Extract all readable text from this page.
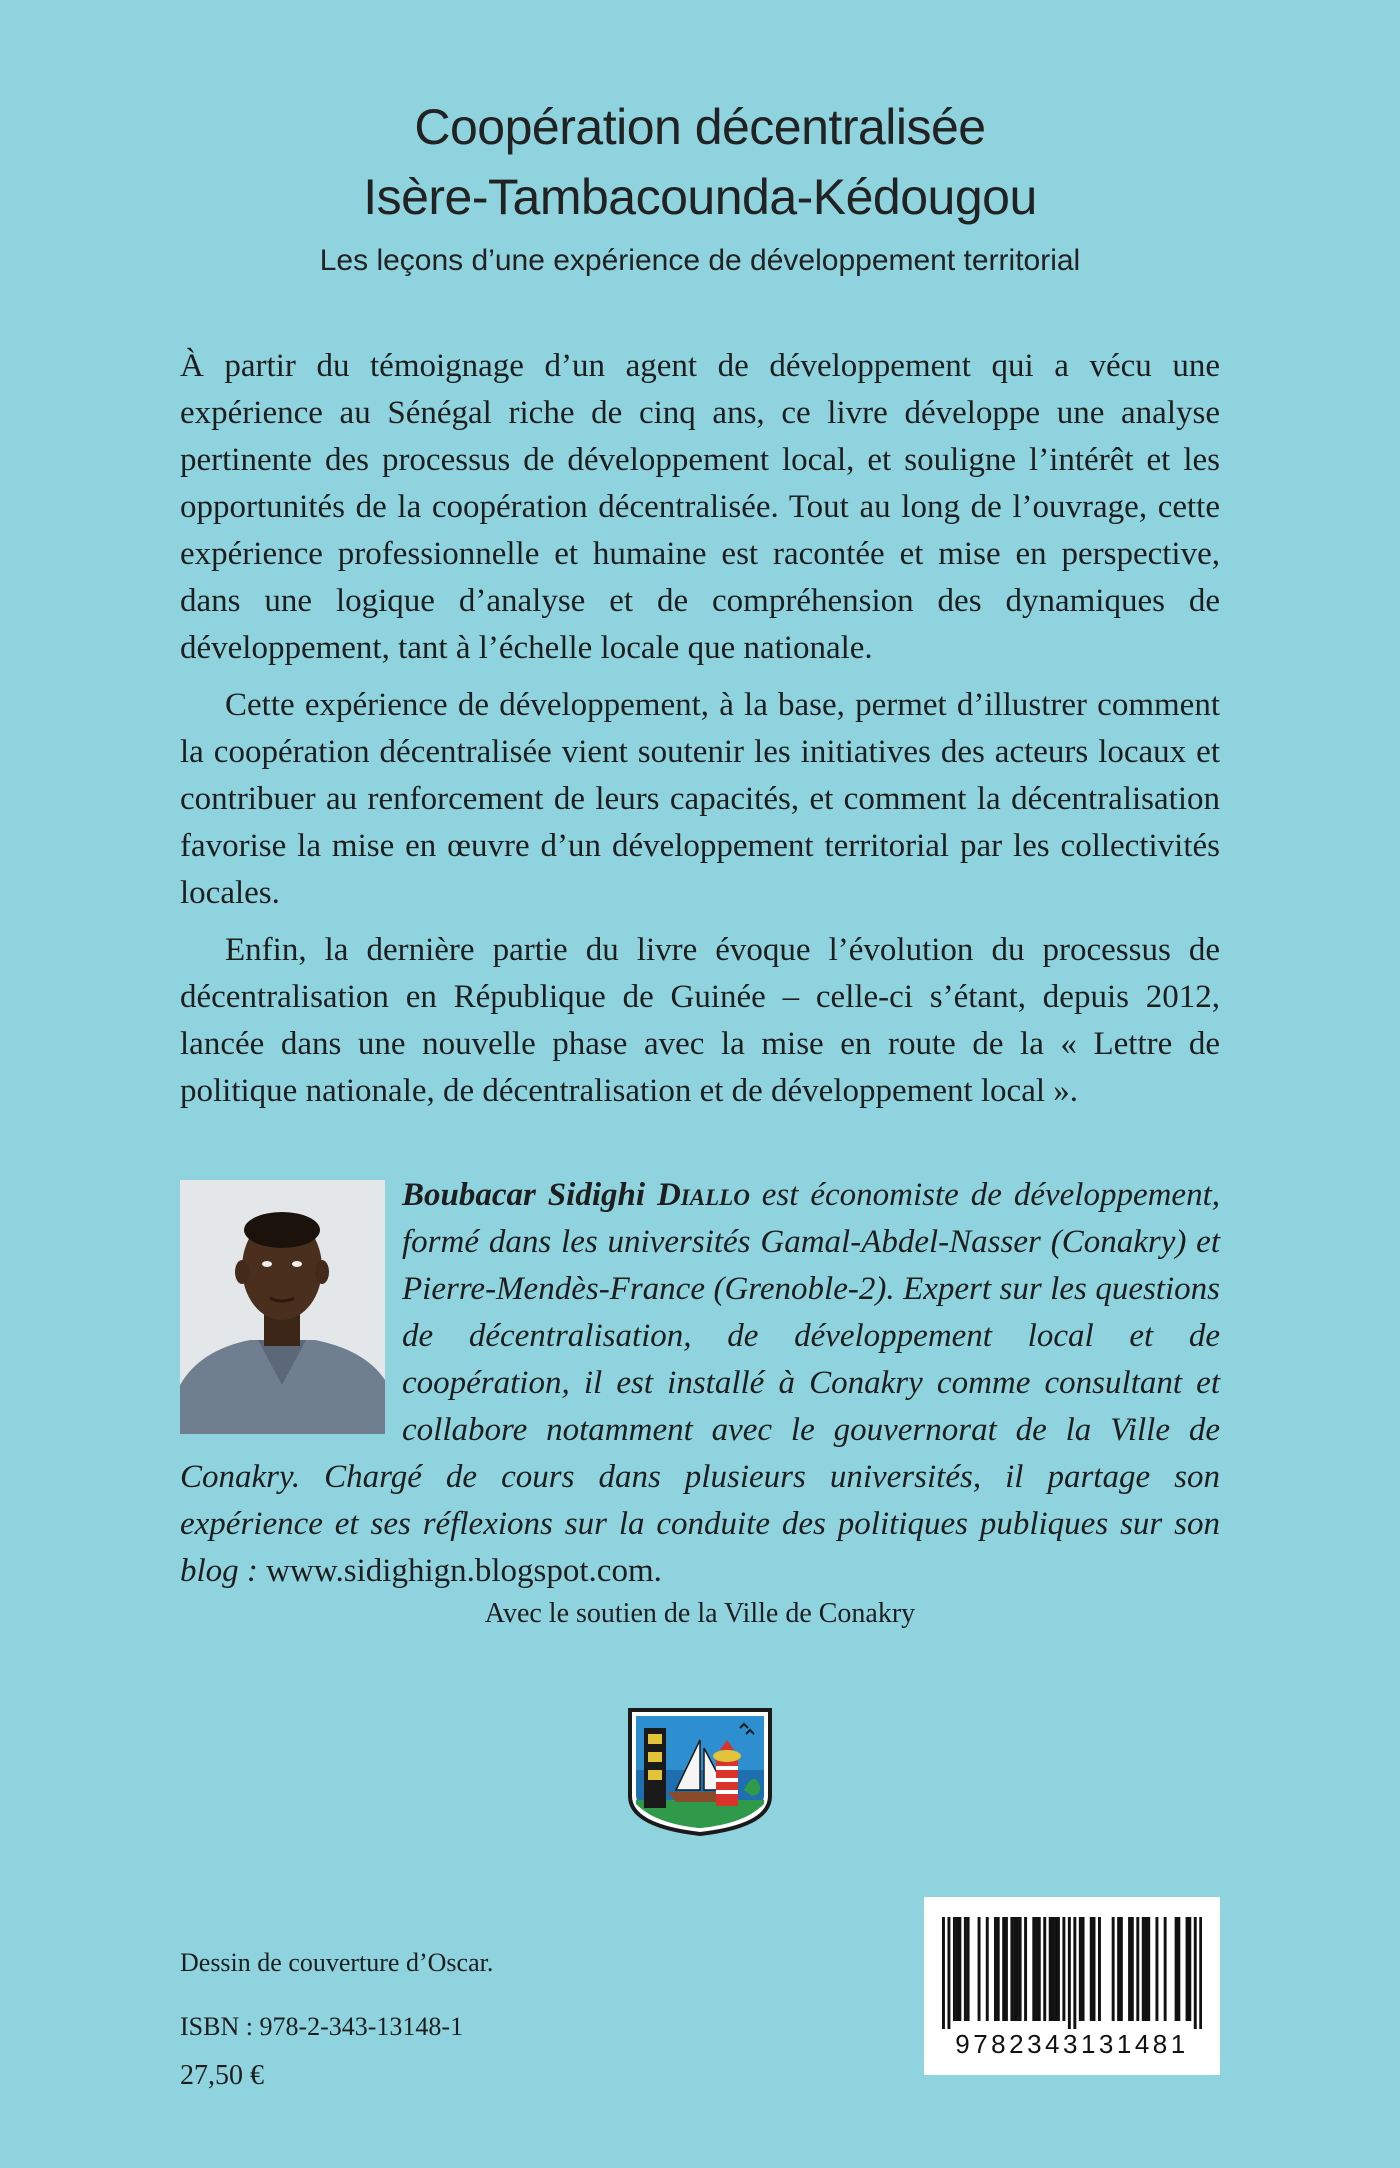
Coopération décentralisée
Isère-Tambacounda-Kédougou
Les leçons d’une expérience de développement territorial

À partir du témoignage d’un agent de développement qui a vécu une expérience au Sénégal riche de cinq ans, ce livre développe une analyse pertinente des processus de développement local, et souligne l’intérêt et les opportunités de la coopération décentralisée. Tout au long de l’ouvrage, cette expérience professionnelle et humaine est racontée et mise en perspective, dans une logique d’analyse et de compréhension des dynamiques de développement, tant à l’échelle locale que nationale.

Cette expérience de développement, à la base, permet d’illustrer comment la coopération décentralisée vient soutenir les initiatives des acteurs locaux et contribuer au renforcement de leurs capacités, et comment la décentralisation favorise la mise en œuvre d’un développement territorial par les collectivités locales.

Enfin, la dernière partie du livre évoque l’évolution du processus de décentralisation en République de Guinée – celle-ci s’étant, depuis 2012, lancée dans une nouvelle phase avec la mise en route de la « Lettre de politique nationale, de décentralisation et de développement local ».

Boubacar Sidighi Diallo est économiste de développement, formé dans les universités Gamal-Abdel-Nasser (Conakry) et Pierre-Mendès-France (Grenoble-2). Expert sur les questions de décentralisation, de développement local et de coopération, il est installé à Conakry comme consultant et collabore notamment avec le gouvernorat de la Ville de Conakry. Chargé de cours dans plusieurs universités, il partage son expérience et ses réflexions sur la conduite des politiques publiques sur son blog : www.sidighign.blogspot.com.
Avec le soutien de la Ville de Conakry
Dessin de couverture d’Oscar.
ISBN : 978-2-343-13148-1
27,50 €
9782343131481
